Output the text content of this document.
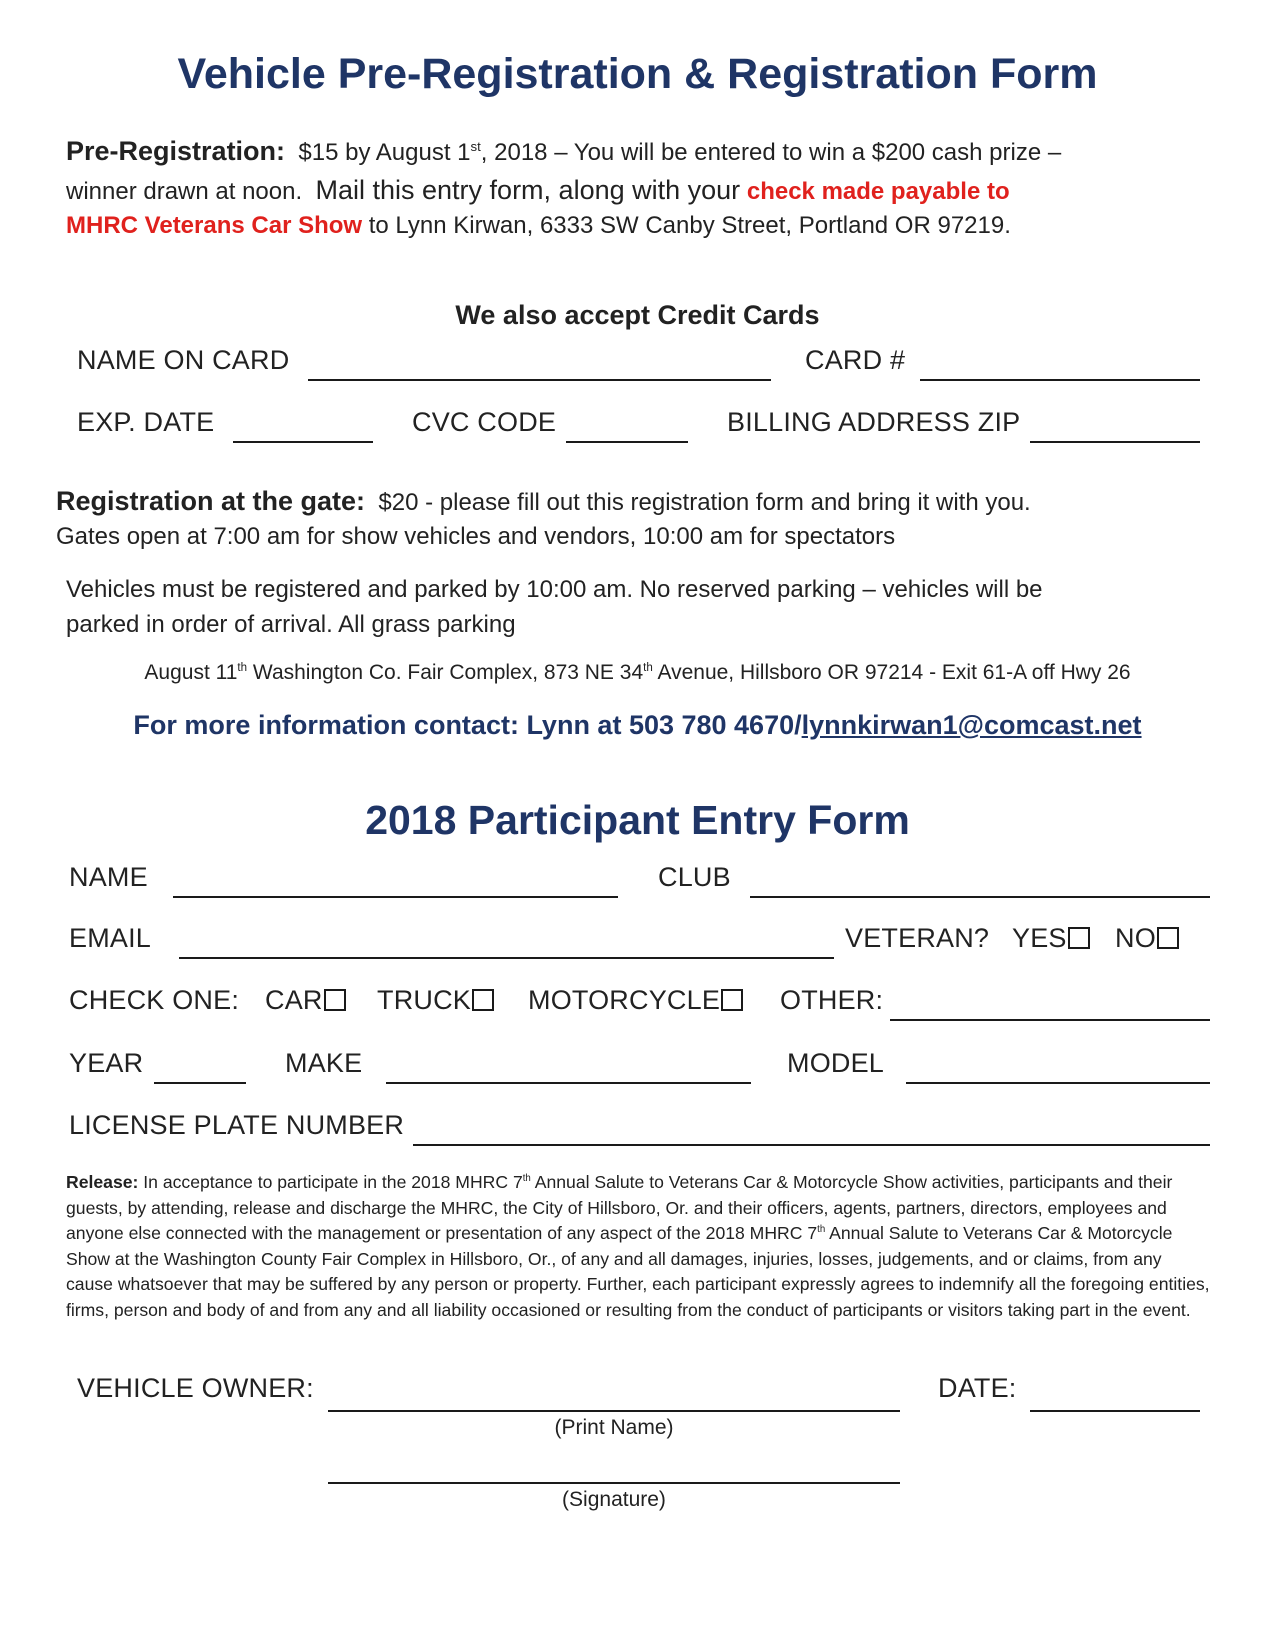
Vehicle Pre-Registration & Registration Form
Pre-Registration: $15 by August 1st, 2018 – You will be entered to win a $200 cash prize –
winner drawn at noon. Mail this entry form, along with your check made payable to
MHRC Veterans Car Show to Lynn Kirwan, 6333 SW Canby Street, Portland OR 97219.
We also accept Credit Cards
NAME ON CARD	CARD #
EXP. DATE	CVC CODE	BILLING ADDRESS ZIP
Registration at the gate: $20 - please fill out this registration form and bring it with you.
Gates open at 7:00 am for show vehicles and vendors, 10:00 am for spectators
Vehicles must be registered and parked by 10:00 am. No reserved parking – vehicles will be
parked in order of arrival. All grass parking
August 11th Washington Co. Fair Complex, 873 NE 34th Avenue, Hillsboro OR 97214 - Exit 61-A off Hwy 26
For more information contact: Lynn at 503 780 4670/lynnkirwan1@comcast.net
2018 Participant Entry Form
NAME	CLUB
EMAIL	VETERAN? YES	NO
CHECK ONE: CAR	TRUCK	MOTORCYCLE	OTHER:
YEAR	MAKE	MODEL
LICENSE PLATE NUMBER
Release: In acceptance to participate in the 2018 MHRC 7th Annual Salute to Veterans Car & Motorcycle Show activities, participants and their guests, by attending, release and discharge the MHRC, the City of Hillsboro, Or. and their officers, agents, partners, directors, employees and anyone else connected with the management or presentation of any aspect of the 2018 MHRC 7th Annual Salute to Veterans Car & Motorcycle Show at the Washington County Fair Complex in Hillsboro, Or., of any and all damages, injuries, losses, judgements, and or claims, from any cause whatsoever that may be suffered by any person or property. Further, each participant expressly agrees to indemnify all the foregoing entities, firms, person and body of and from any and all liability occasioned or resulting from the conduct of participants or visitors taking part in the event.
VEHICLE OWNER:	DATE:
(Print Name)
(Signature)
